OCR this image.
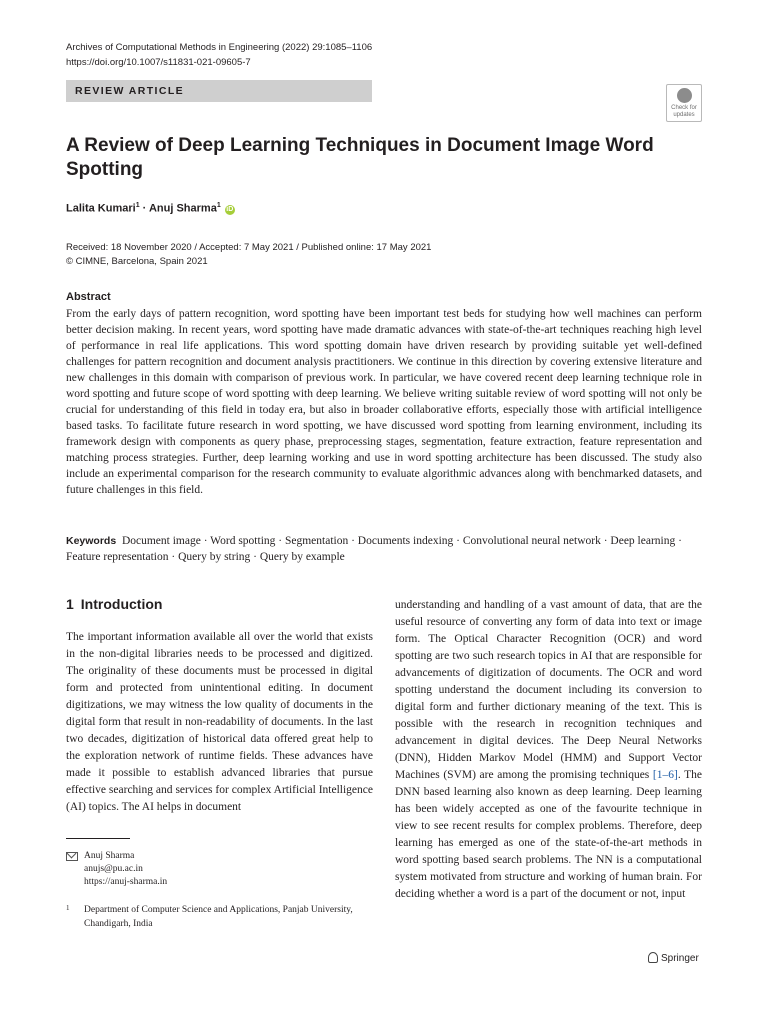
Archives of Computational Methods in Engineering (2022) 29:1085–1106
https://doi.org/10.1007/s11831-021-09605-7
REVIEW ARTICLE
Check for
updates
A Review of Deep Learning Techniques in Document Image Word Spotting
Lalita Kumari$^1$ · Anuj Sharma$^1$ iD
Received: 18 November 2020 / Accepted: 7 May 2021 / Published online: 17 May 2021
© CIMNE, Barcelona, Spain 2021
Abstract
From the early days of pattern recognition, word spotting have been important test beds for studying how well machines can perform better decision making. In recent years, word spotting have made dramatic advances with state-of-the-art techniques reaching high level of performance in real life applications. This word spotting domain have driven research by providing suitable yet well-defined challenges for pattern recognition and document analysis practitioners. We continue in this direction by covering extensive literature and new challenges in this domain with comparison of previous work. In particular, we have covered recent deep learning technique role in word spotting and future scope of word spotting with deep learning. We believe writing suitable review of word spotting will not only be crucial for understanding of this field in today era, but also in broader collaborative efforts, especially those with artificial intelligence based tasks. To facilitate future research in word spotting, we have discussed word spotting from learning environment, including its framework design with components as query phase, preprocessing stages, segmentation, feature extraction, feature representation and matching process strategies. Further, deep learning working and use in word spotting architecture has been discussed. The study also include an experimental comparison for the research community to evaluate algorithmic advances along with benchmarked datasets, and future challenges in this field.
Keywords Document image · Word spotting · Segmentation · Documents indexing · Convolutional neural network · Deep learning · Feature representation · Query by string · Query by example
1 Introduction
The important information available all over the world that exists in the non-digital libraries needs to be processed and digitized. The originality of these documents must be processed in digital form and protected from unintentional editing. In document digitizations, we may witness the low quality of documents in the digital form that result in non-readability of documents. In the last two decades, digitization of historical data offered great help to the exploration network of runtime fields. These advances have made it possible to establish advanced libraries that pursue effective searching and services for complex Artificial Intelligence (AI) topics. The AI helps in document
understanding and handling of a vast amount of data, that are the useful resource of converting any form of data into text or image form. The Optical Character Recognition (OCR) and word spotting are two such research topics in AI that are responsible for advancements of digitization of documents. The OCR and word spotting understand the document including its conversion to digital form and further dictionary meaning of the text. This is possible with the research in recognition techniques and advancement in digital devices. The Deep Neural Networks (DNN), Hidden Markov Model (HMM) and Support Vector Machines (SVM) are among the promising techniques [1–6]. The DNN based learning also known as deep learning. Deep learning has been widely accepted as one of the favourite technique in view to see recent results for complex problems. Therefore, deep learning has emerged as one of the state-of-the-art methods in word spotting based search problems. The NN is a computational system motivated from structure and working of human brain. For deciding whether a word is a part of the document or not, input
Anuj Sharma
anujs@pu.ac.in
https://anuj-sharma.in
1 Department of Computer Science and Applications, Panjab University, Chandigarh, India
Springer
